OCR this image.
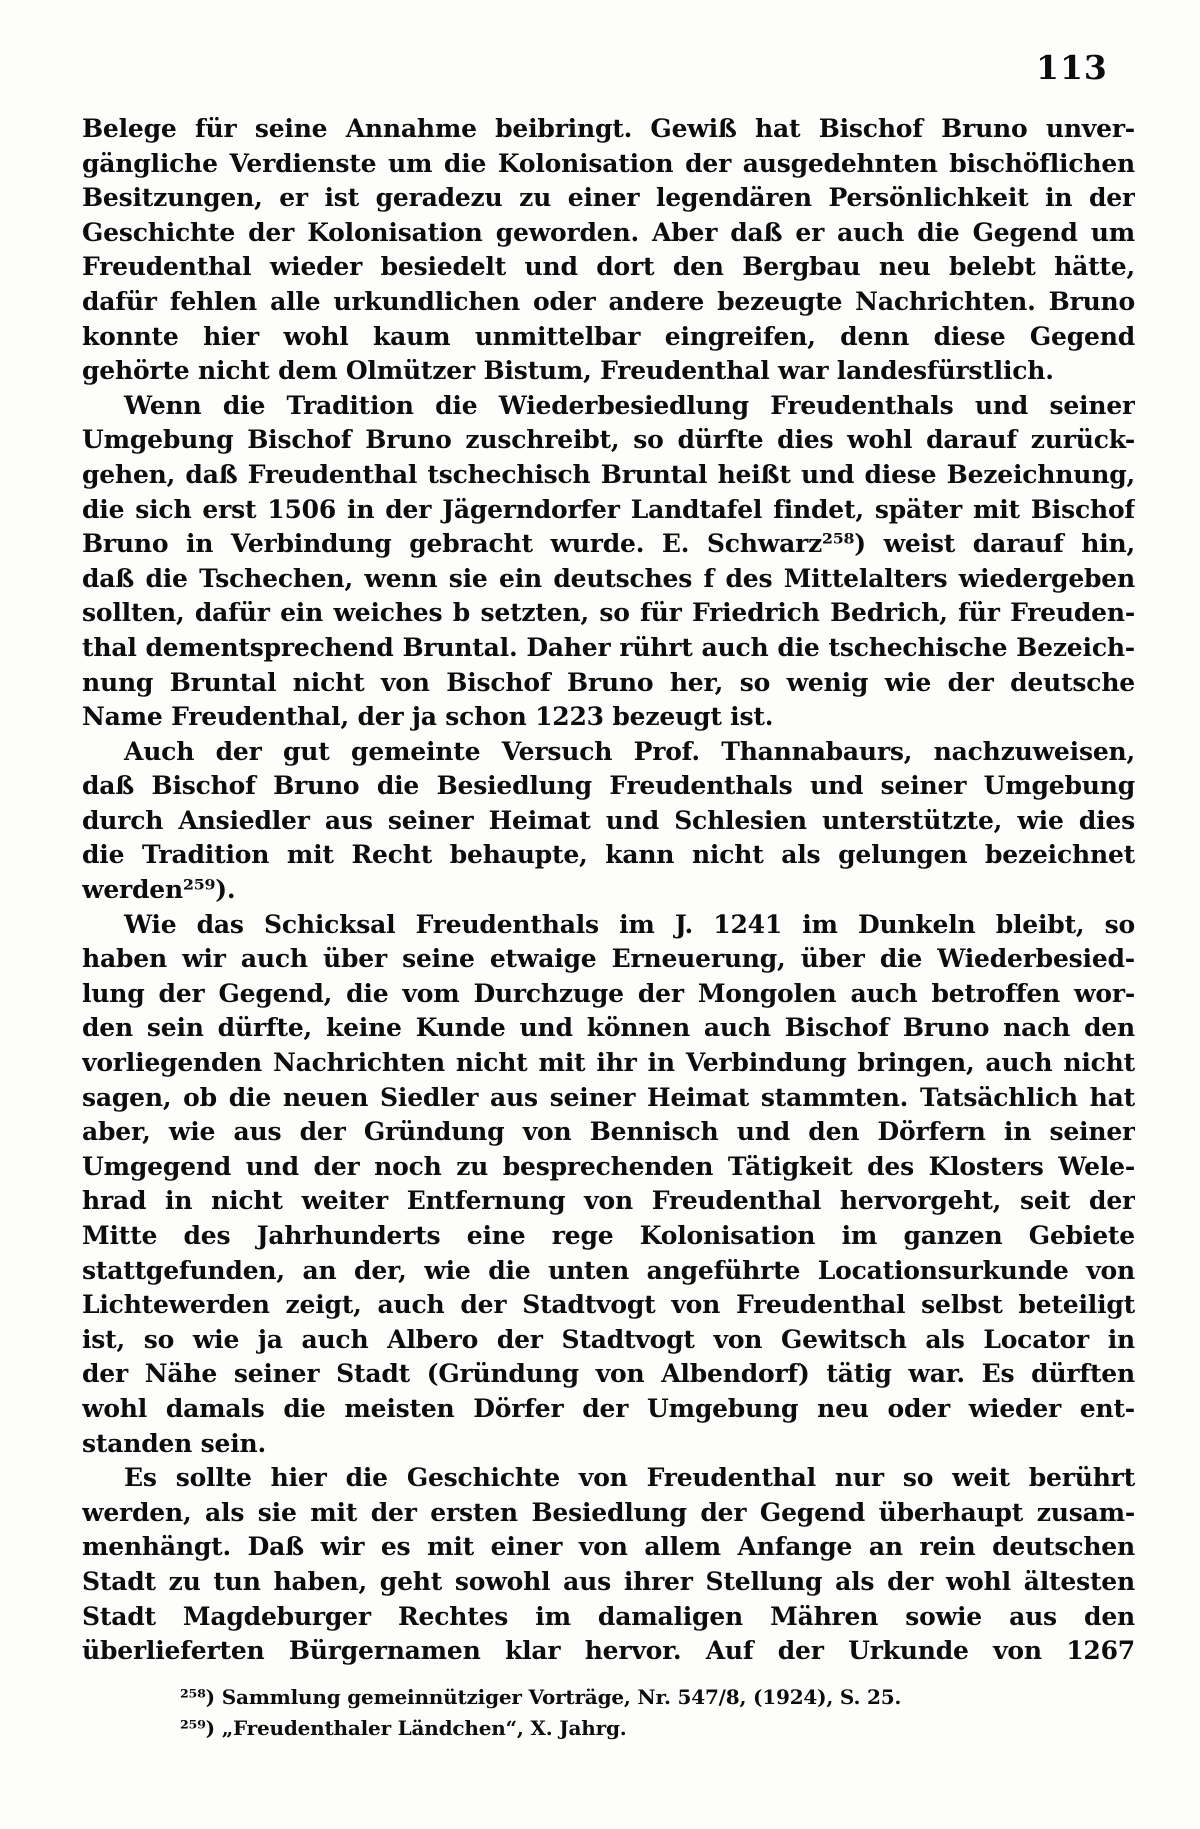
113
Belege für seine Annahme beibringt. Gewiß hat Bischof Bruno unver-
gängliche Verdienste um die Kolonisation der ausgedehnten bischöflichen
Besitzungen, er ist geradezu zu einer legendären Persönlichkeit in der
Geschichte der Kolonisation geworden. Aber daß er auch die Gegend um
Freudenthal wieder besiedelt und dort den Bergbau neu belebt hätte,
dafür fehlen alle urkundlichen oder andere bezeugte Nachrichten. Bruno
konnte hier wohl kaum unmittelbar eingreifen, denn diese Gegend
gehörte nicht dem Olmützer Bistum, Freudenthal war landesfürstlich.
Wenn die Tradition die Wiederbesiedlung Freudenthals und seiner
Umgebung Bischof Bruno zuschreibt, so dürfte dies wohl darauf zurück-
gehen, daß Freudenthal tschechisch Bruntal heißt und diese Bezeichnung,
die sich erst 1506 in der Jägerndorfer Landtafel findet, später mit Bischof
Bruno in Verbindung gebracht wurde. E. Schwarz²⁵⁸) weist darauf hin,
daß die Tschechen, wenn sie ein deutsches f des Mittelalters wiedergeben
sollten, dafür ein weiches b setzten, so für Friedrich Bedrich, für Freuden-
thal dementsprechend Bruntal. Daher rührt auch die tschechische Bezeich-
nung Bruntal nicht von Bischof Bruno her, so wenig wie der deutsche
Name Freudenthal, der ja schon 1223 bezeugt ist.
Auch der gut gemeinte Versuch Prof. Thannabaurs, nachzuweisen,
daß Bischof Bruno die Besiedlung Freudenthals und seiner Umgebung
durch Ansiedler aus seiner Heimat und Schlesien unterstützte, wie dies
die Tradition mit Recht behaupte, kann nicht als gelungen bezeichnet
werden²⁵⁹).
Wie das Schicksal Freudenthals im J. 1241 im Dunkeln bleibt, so
haben wir auch über seine etwaige Erneuerung, über die Wiederbesied-
lung der Gegend, die vom Durchzuge der Mongolen auch betroffen wor-
den sein dürfte, keine Kunde und können auch Bischof Bruno nach den
vorliegenden Nachrichten nicht mit ihr in Verbindung bringen, auch nicht
sagen, ob die neuen Siedler aus seiner Heimat stammten. Tatsächlich hat
aber, wie aus der Gründung von Bennisch und den Dörfern in seiner
Umgegend und der noch zu besprechenden Tätigkeit des Klosters Wele-
hrad in nicht weiter Entfernung von Freudenthal hervorgeht, seit der
Mitte des Jahrhunderts eine rege Kolonisation im ganzen Gebiete
stattgefunden, an der, wie die unten angeführte Locationsurkunde von
Lichtewerden zeigt, auch der Stadtvogt von Freudenthal selbst beteiligt
ist, so wie ja auch Albero der Stadtvogt von Gewitsch als Locator in
der Nähe seiner Stadt (Gründung von Albendorf) tätig war. Es dürften
wohl damals die meisten Dörfer der Umgebung neu oder wieder ent-
standen sein.
Es sollte hier die Geschichte von Freudenthal nur so weit berührt
werden, als sie mit der ersten Besiedlung der Gegend überhaupt zusam-
menhängt. Daß wir es mit einer von allem Anfange an rein deutschen
Stadt zu tun haben, geht sowohl aus ihrer Stellung als der wohl ältesten
Stadt Magdeburger Rechtes im damaligen Mähren sowie aus den
überlieferten Bürgernamen klar hervor. Auf der Urkunde von 1267
²⁵⁸) Sammlung gemeinnütziger Vorträge, Nr. 547/8, (1924), S. 25.
²⁵⁹) „Freudenthaler Ländchen“, X. Jahrg.
